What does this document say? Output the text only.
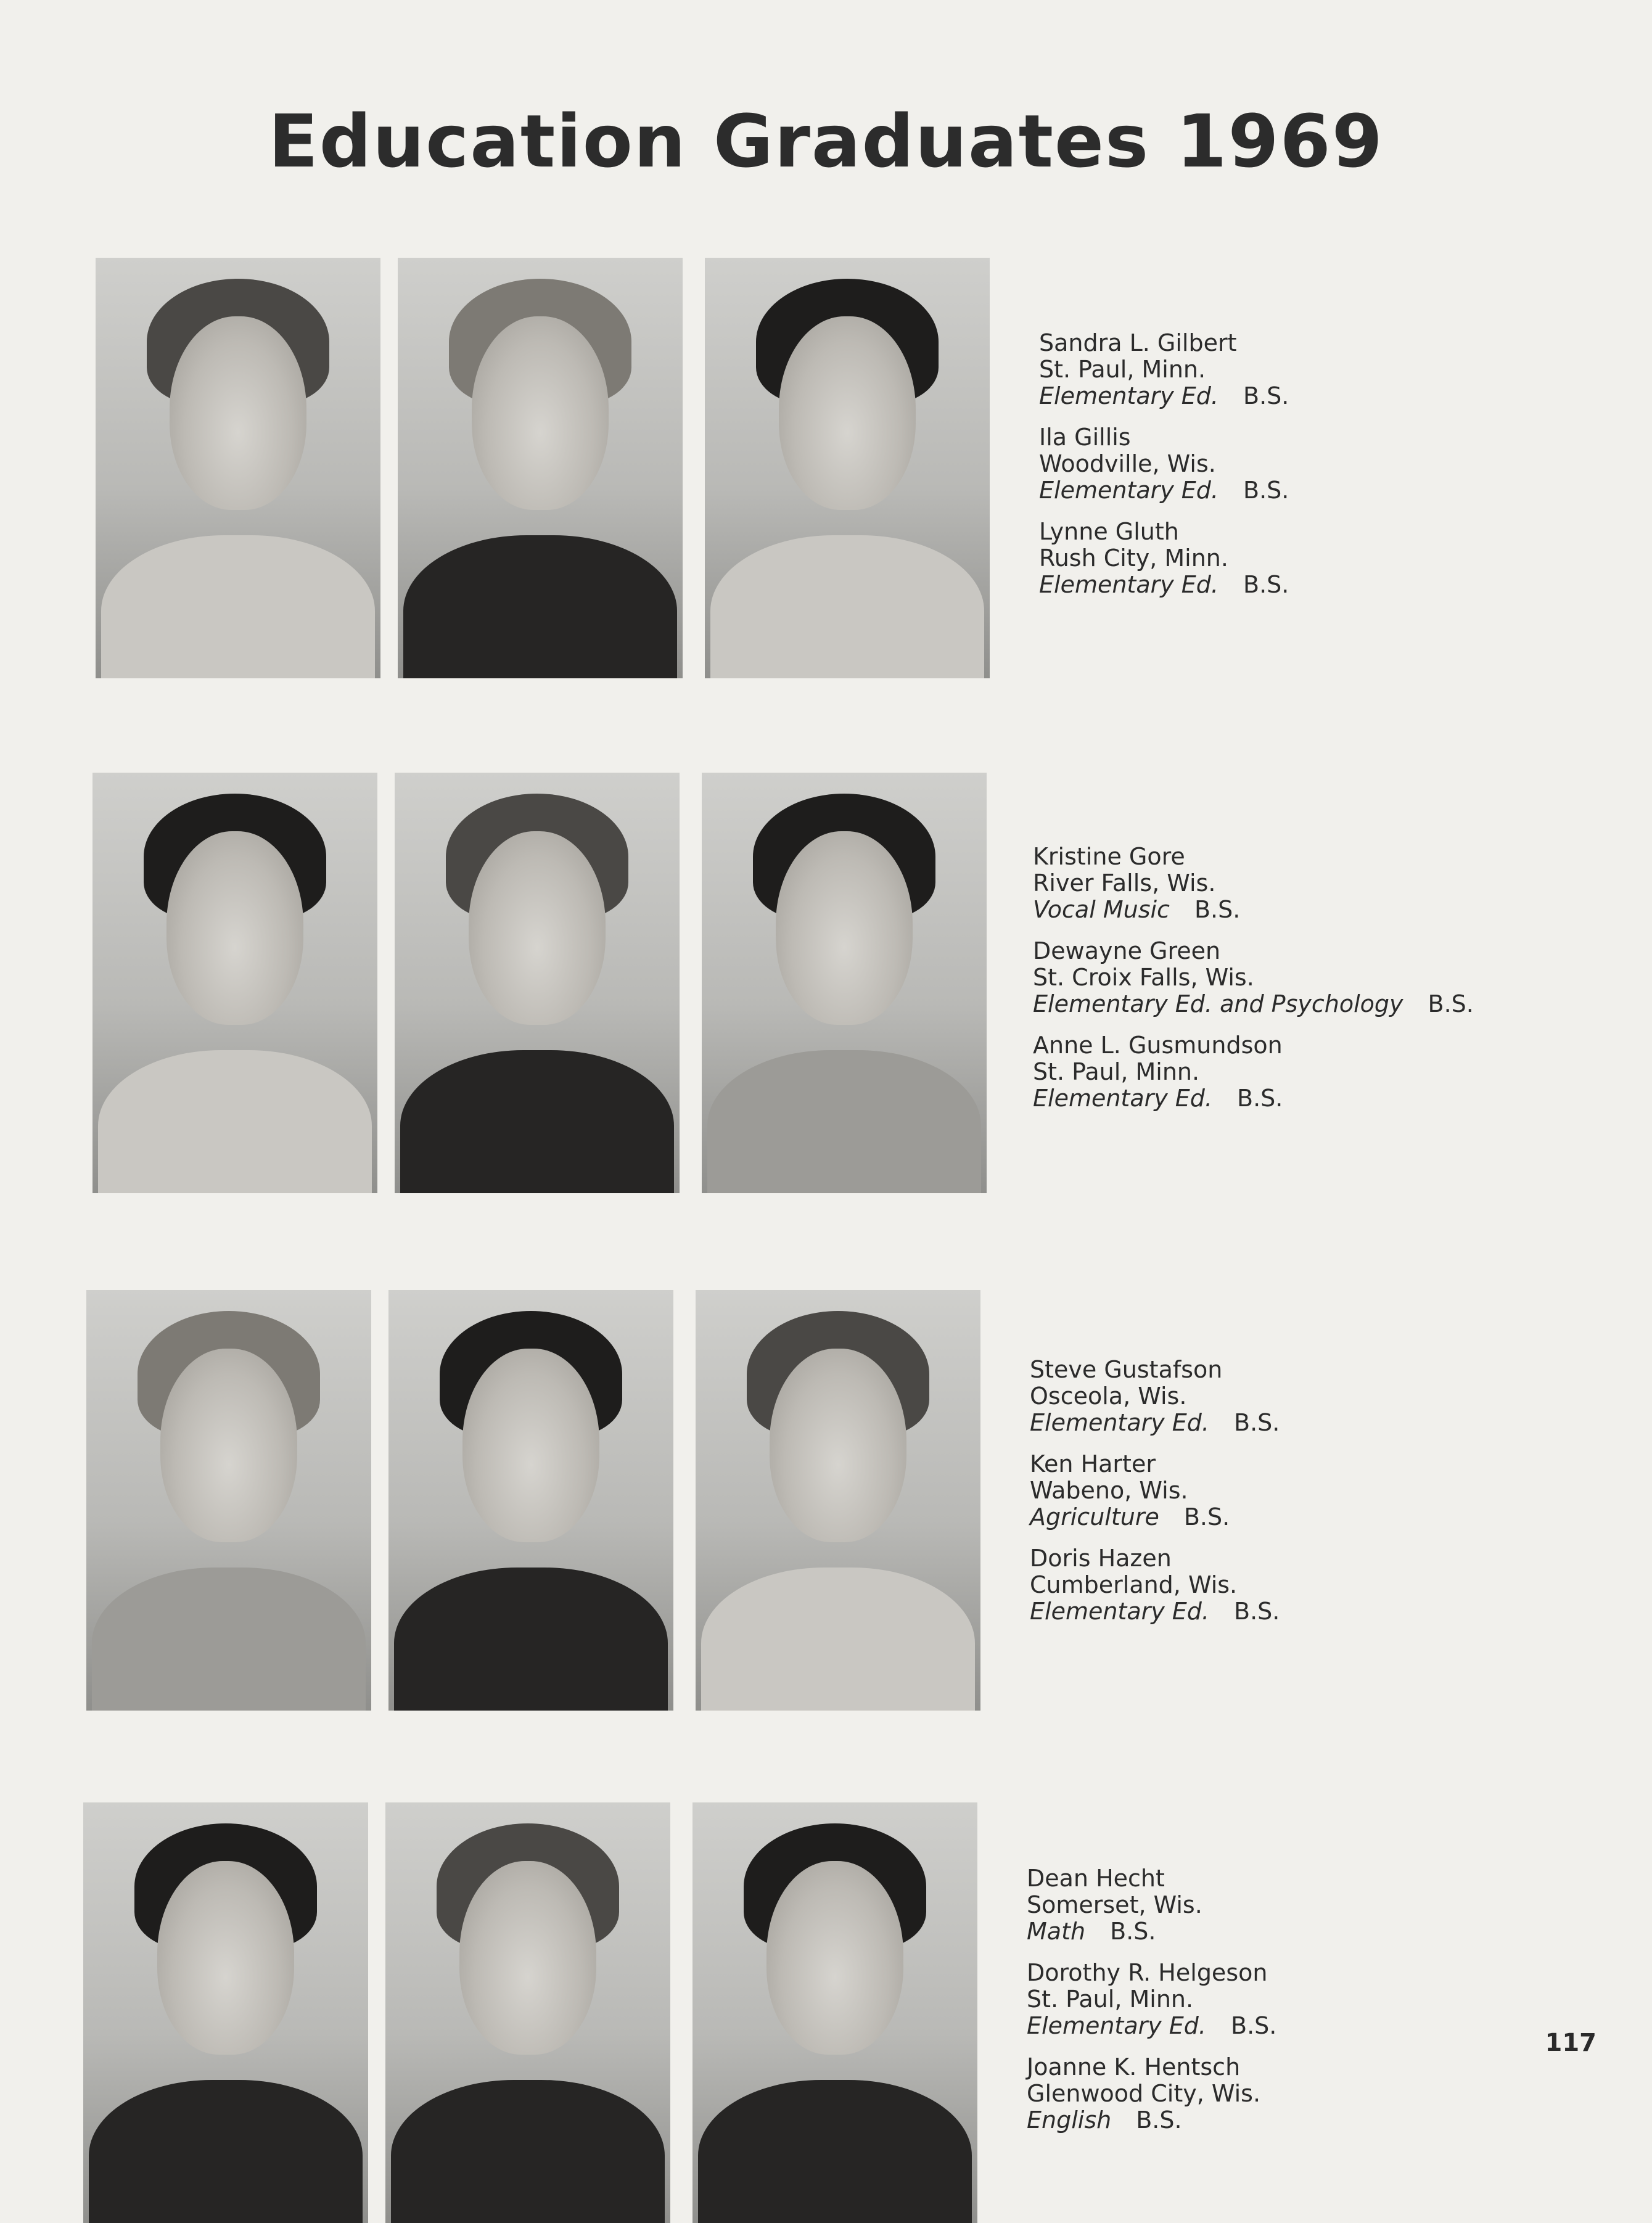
Education Graduates 1969
Sandra L. Gilbert
St. Paul, Minn.
Elementary Ed. B.S.
Ila Gillis
Woodville, Wis.
Elementary Ed. B.S.
Lynne Gluth
Rush City, Minn.
Elementary Ed. B.S.
Kristine Gore
River Falls, Wis.
Vocal Music B.S.
Dewayne Green
St. Croix Falls, Wis.
Elementary Ed. and Psychology B.S.
Anne L. Gusmundson
St. Paul, Minn.
Elementary Ed. B.S.
Steve Gustafson
Osceola, Wis.
Elementary Ed. B.S.
Ken Harter
Wabeno, Wis.
Agriculture B.S.
Doris Hazen
Cumberland, Wis.
Elementary Ed. B.S.
Dean Hecht
Somerset, Wis.
Math B.S.
Dorothy R. Helgeson
St. Paul, Minn.
Elementary Ed. B.S.
Joanne K. Hentsch
Glenwood City, Wis.
English B.S.
117
